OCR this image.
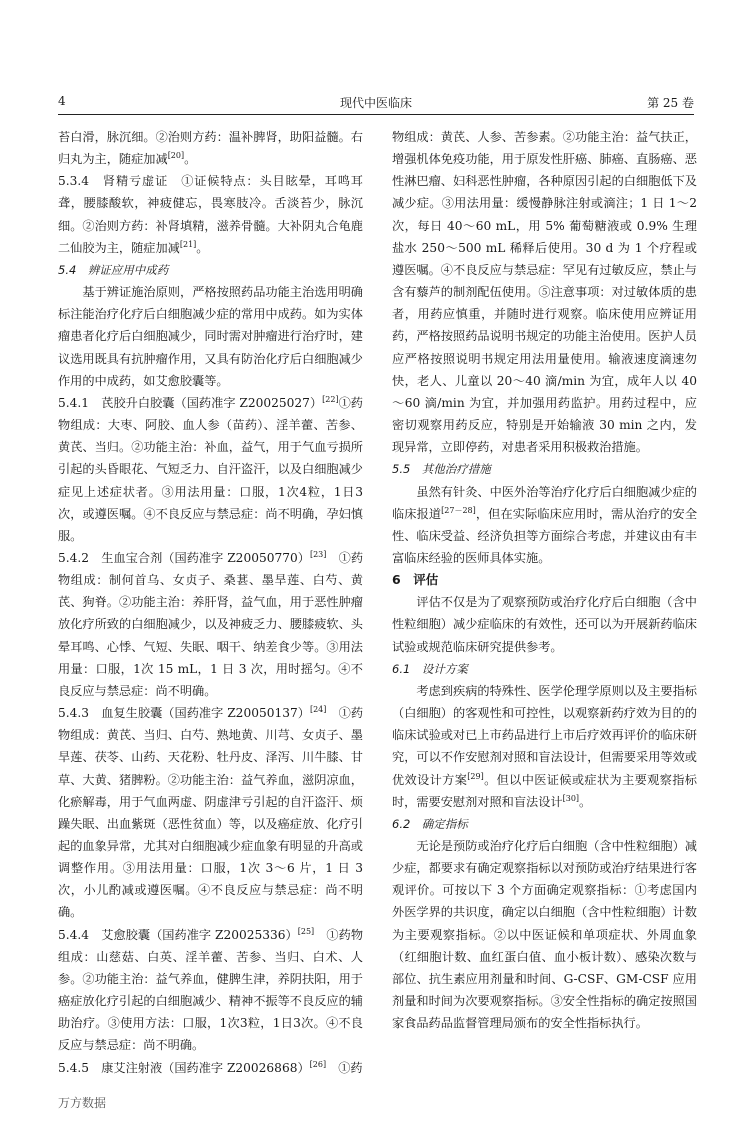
4	现代中医临床	第 25 卷

苔白滑，脉沉细。②治则方药：温补脾肾，助阳益髓。右归丸为主，随症加减[20]。

5.3.4　肾精亏虚证　①证候特点：头目眩晕，耳鸣耳聋，腰膝酸软，神疲健忘，畏寒肢冷。舌淡苔少，脉沉细。②治则方药：补肾填精，滋养骨髓。大补阴丸合龟鹿二仙胶为主，随症加减[21]。

5.4　辨证应用中成药

基于辨证施治原则，严格按照药品功能主治选用明确标注能治疗化疗后白细胞减少症的常用中成药。如为实体瘤患者化疗后白细胞减少，同时需对肿瘤进行治疗时，建议选用既具有抗肿瘤作用，又具有防治化疗后白细胞减少作用的中成药，如艾愈胶囊等。

5.4.1　芪胶升白胶囊（国药准字 Z20025027）[22]①药物组成：大枣、阿胶、血人参（苗药）、淫羊藿、苦参、黄芪、当归。②功能主治：补血，益气，用于气血亏损所引起的头昏眼花、气短乏力、自汗盗汗，以及白细胞减少症见上述症状者。③用法用量：口服，1次4粒，1日3次，或遵医嘱。④不良反应与禁忌症：尚不明确，孕妇慎服。

5.4.2　生血宝合剂（国药准字 Z20050770）[23]　①药物组成：制何首乌、女贞子、桑葚、墨旱莲、白芍、黄芪、狗脊。②功能主治：养肝肾，益气血，用于恶性肿瘤放化疗所致的白细胞减少，以及神疲乏力、腰膝疲软、头晕耳鸣、心悸、气短、失眠、咽干、纳差食少等。③用法用量：口服，1次 15 mL，1 日 3 次，用时摇匀。④不良反应与禁忌症：尚不明确。

5.4.3　血复生胶囊（国药准字 Z20050137）[24]　①药物组成：黄芪、当归、白芍、熟地黄、川芎、女贞子、墨旱莲、茯苓、山药、天花粉、牡丹皮、泽泻、川牛膝、甘草、大黄、猪脾粉。②功能主治：益气养血，滋阴凉血，化瘀解毒，用于气血两虚、阴虚津亏引起的自汗盗汗、烦躁失眠、出血紫斑（恶性贫血）等，以及癌症放、化疗引起的血象异常，尤其对白细胞减少症血象有明显的升高或调整作用。③用法用量：口服，1次 3～6 片，1 日 3 次，小儿酌减或遵医嘱。④不良反应与禁忌症：尚不明确。

5.4.4　艾愈胶囊（国药准字 Z20025336）[25]　①药物组成：山慈菇、白英、淫羊藿、苦参、当归、白术、人参。②功能主治：益气养血，健脾生津，养阴扶阳，用于癌症放化疗引起的白细胞减少、精神不振等不良反应的辅助治疗。③使用方法：口服，1次3粒，1日3次。④不良反应与禁忌症：尚不明确。

5.4.5　康艾注射液（国药准字 Z20026868）[26]　①药

物组成：黄芪、人参、苦参素。②功能主治：益气扶正，增强机体免疫功能，用于原发性肝癌、肺癌、直肠癌、恶性淋巴瘤、妇科恶性肿瘤，各种原因引起的白细胞低下及减少症。③用法用量：缓慢静脉注射或滴注；1 日 1～2 次，每日 40～60 mL，用 5% 葡萄糖液或 0.9% 生理盐水 250～500 mL 稀释后使用。30 d 为 1 个疗程或遵医嘱。④不良反应与禁忌症：罕见有过敏反应，禁止与含有藜芦的制剂配伍使用。⑤注意事项：对过敏体质的患者，用药应慎重，并随时进行观察。临床使用应辨证用药，严格按照药品说明书规定的功能主治使用。医护人员应严格按照说明书规定用法用量使用。输液速度滴速勿快，老人、儿童以 20～40 滴/min 为宜，成年人以 40～60 滴/min 为宜，并加强用药监护。用药过程中，应密切观察用药反应，特别是开始输液 30 min 之内，发现异常，立即停药，对患者采用积极救治措施。

5.5　其他治疗措施

虽然有针灸、中医外治等治疗化疗后白细胞减少症的临床报道[27－28]，但在实际临床应用时，需从治疗的安全性、临床受益、经济负担等方面综合考虑，并建议由有丰富临床经验的医师具体实施。

6　评估

评估不仅是为了观察预防或治疗化疗后白细胞（含中性粒细胞）减少症临床的有效性，还可以为开展新药临床试验或规范临床研究提供参考。

6.1　设计方案

考虑到疾病的特殊性、医学伦理学原则以及主要指标（白细胞）的客观性和可控性，以观察新药疗效为目的的临床试验或对已上市药品进行上市后疗效再评价的临床研究，可以不作安慰剂对照和盲法设计，但需要采用等效或优效设计方案[29]。但以中医证候或症状为主要观察指标时，需要安慰剂对照和盲法设计[30]。

6.2　确定指标

无论是预防或治疗化疗后白细胞（含中性粒细胞）减少症，都要求有确定观察指标以对预防或治疗结果进行客观评价。可按以下 3 个方面确定观察指标：①考虑国内外医学界的共识度，确定以白细胞（含中性粒细胞）计数为主要观察指标。②以中医证候和单项症状、外周血象（红细胞计数、血红蛋白值、血小板计数）、感染次数与部位、抗生素应用剂量和时间、G-CSF、GM-CSF 应用剂量和时间为次要观察指标。③安全性指标的确定按照国家食品药品监督管理局颁布的安全性指标执行。

万方数据
